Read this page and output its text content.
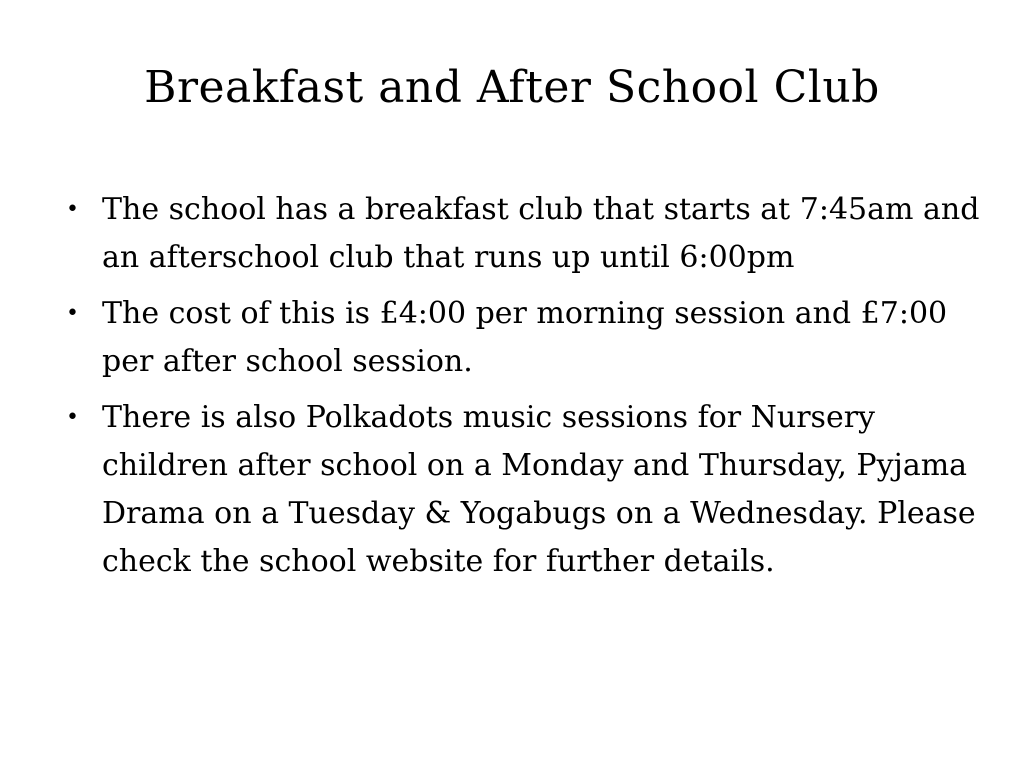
Breakfast and After School Club
• The school has a breakfast club that starts at 7:45am and an afterschool club that runs up until 6:00pm
• The cost of this is £4:00 per morning session and £7:00 per after school session.
• There is also Polkadots music sessions for Nursery children after school on a Monday and Thursday, Pyjama Drama on a Tuesday & Yogabugs on a Wednesday. Please check the school website for further details.
